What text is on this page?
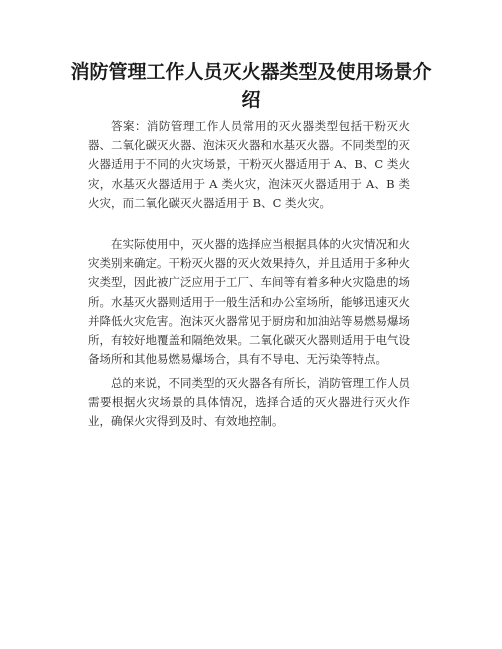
消防管理工作人员灭火器类型及使用场景介绍

答案：消防管理工作人员常用的灭火器类型包括干粉灭火器、二氧化碳灭火器、泡沫灭火器和水基灭火器。不同类型的灭火器适用于不同的火灾场景，干粉灭火器适用于 A、B、C 类火灾，水基灭火器适用于 A 类火灾，泡沫灭火器适用于 A、B 类火灾，而二氧化碳灭火器适用于 B、C 类火灾。

在实际使用中，灭火器的选择应当根据具体的火灾情况和火灾类别来确定。干粉灭火器的灭火效果持久，并且适用于多种火灾类型，因此被广泛应用于工厂、车间等有着多种火灾隐患的场所。水基灭火器则适用于一般生活和办公室场所，能够迅速灭火并降低火灾危害。泡沫灭火器常见于厨房和加油站等易燃易爆场所，有较好地覆盖和隔绝效果。二氧化碳灭火器则适用于电气设备场所和其他易燃易爆场合，具有不导电、无污染等特点。

总的来说，不同类型的灭火器各有所长，消防管理工作人员需要根据火灾场景的具体情况，选择合适的灭火器进行灭火作业，确保火灾得到及时、有效地控制。
